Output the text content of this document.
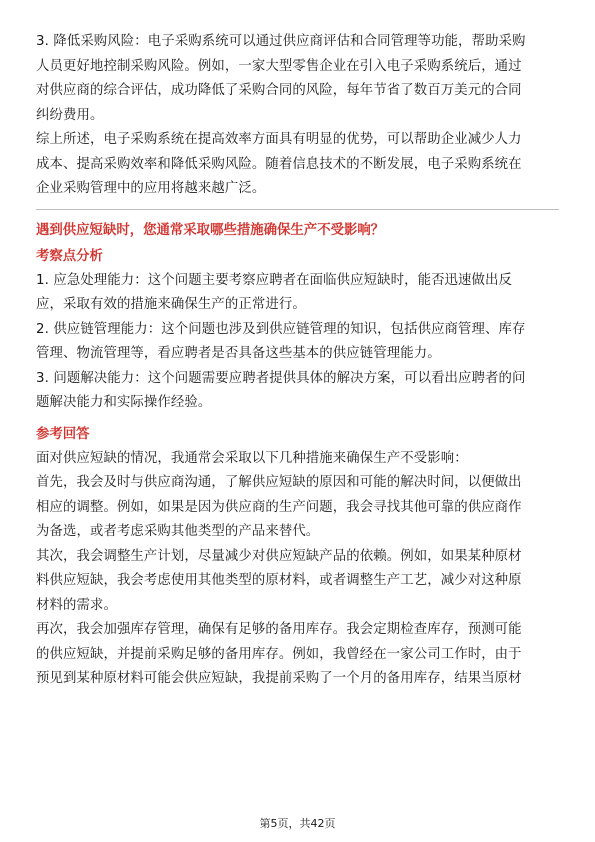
3. 降低采购风险：电子采购系统可以通过供应商评估和合同管理等功能，帮助采购

人员更好地控制采购风险。例如，一家大型零售企业在引入电子采购系统后，通过

对供应商的综合评估，成功降低了采购合同的风险，每年节省了数百万美元的合同

纠纷费用。

综上所述，电子采购系统在提高效率方面具有明显的优势，可以帮助企业减少人力

成本、提高采购效率和降低采购风险。随着信息技术的不断发展，电子采购系统在

企业采购管理中的应用将越来越广泛。

遇到供应短缺时，您通常采取哪些措施确保生产不受影响？
考察点分析

1. 应急处理能力：这个问题主要考察应聘者在面临供应短缺时，能否迅速做出反

应，采取有效的措施来确保生产的正常进行。

2. 供应链管理能力：这个问题也涉及到供应链管理的知识，包括供应商管理、库存

管理、物流管理等，看应聘者是否具备这些基本的供应链管理能力。

3. 问题解决能力：这个问题需要应聘者提供具体的解决方案，可以看出应聘者的问

题解决能力和实际操作经验。

参考回答

面对供应短缺的情况，我通常会采取以下几种措施来确保生产不受影响：

首先，我会及时与供应商沟通，了解供应短缺的原因和可能的解决时间，以便做出

相应的调整。例如，如果是因为供应商的生产问题，我会寻找其他可靠的供应商作

为备选，或者考虑采购其他类型的产品来替代。

其次，我会调整生产计划，尽量减少对供应短缺产品的依赖。例如，如果某种原材

料供应短缺，我会考虑使用其他类型的原材料，或者调整生产工艺，减少对这种原

材料的需求。

再次，我会加强库存管理，确保有足够的备用库存。我会定期检查库存，预测可能

的供应短缺，并提前采购足够的备用库存。例如，我曾经在一家公司工作时，由于

预见到某种原材料可能会供应短缺，我提前采购了一个月的备用库存，结果当原材

第5页，共42页
